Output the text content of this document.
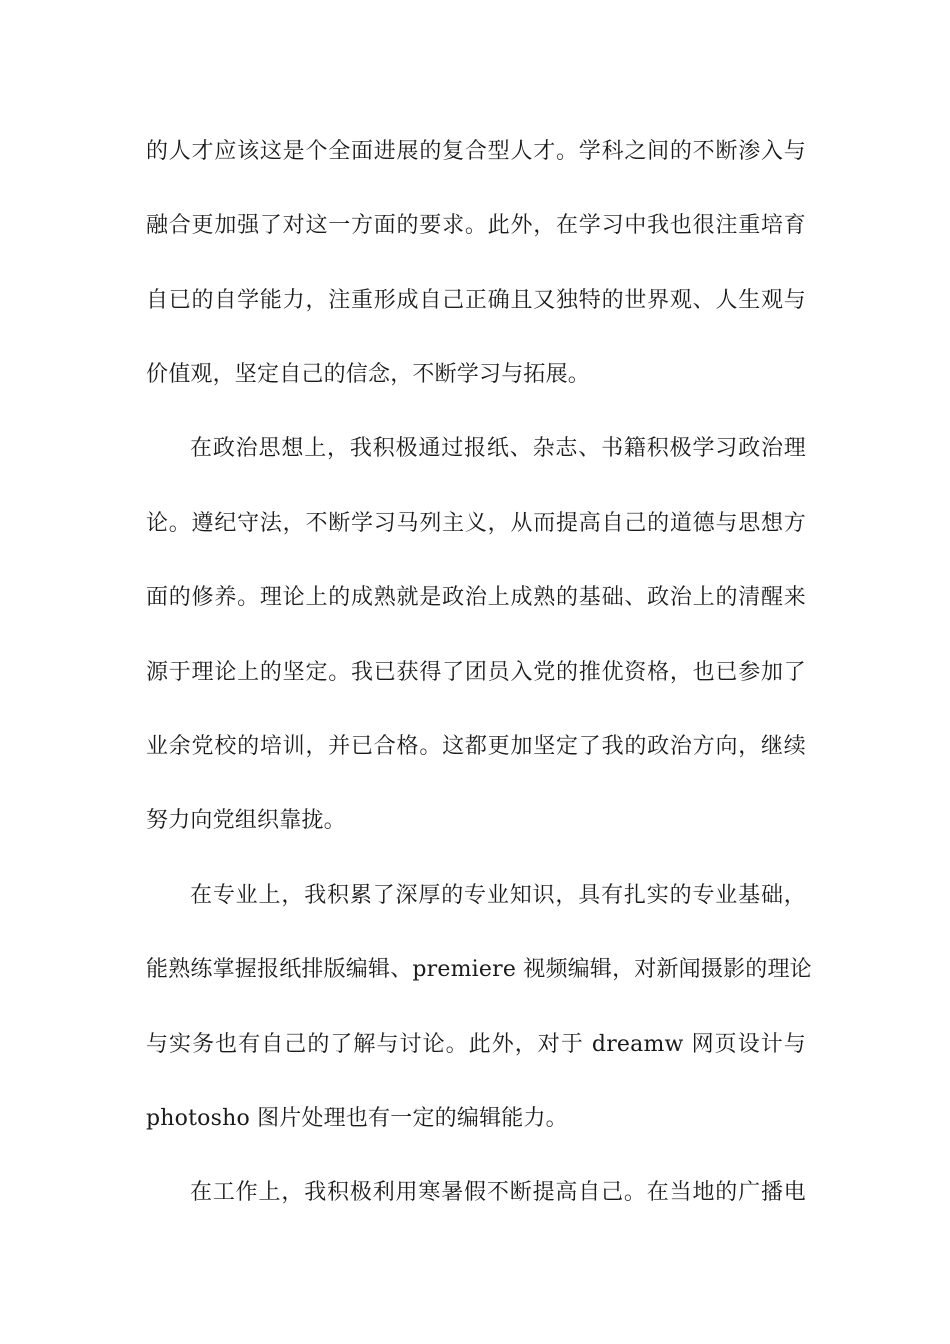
的人才应该这是个全面进展的复合型人才。学科之间的不断渗入与
融合更加强了对这一方面的要求。此外，在学习中我也很注重培育
自已的自学能力，注重形成自己正确且又独特的世界观、人生观与
价值观，坚定自己的信念，不断学习与拓展。
在政治思想上，我积极通过报纸、杂志、书籍积极学习政治理
论。遵纪守法，不断学习马列主义，从而提高自己的道德与思想方
面的修养。理论上的成熟就是政治上成熟的基础、政治上的清醒来
源于理论上的坚定。我已获得了团员入党的推优资格，也已参加了
业余党校的培训，并已合格。这都更加坚定了我的政治方向，继续
努力向党组织靠拢。
在专业上，我积累了深厚的专业知识，具有扎实的专业基础，
能熟练掌握报纸排版编辑、premiere 视频编辑，对新闻摄影的理论
与实务也有自己的了解与讨论。此外，对于 dreamw 网页设计与
photosho 图片处理也有一定的编辑能力。
在工作上，我积极利用寒暑假不断提高自己。在当地的广播电
